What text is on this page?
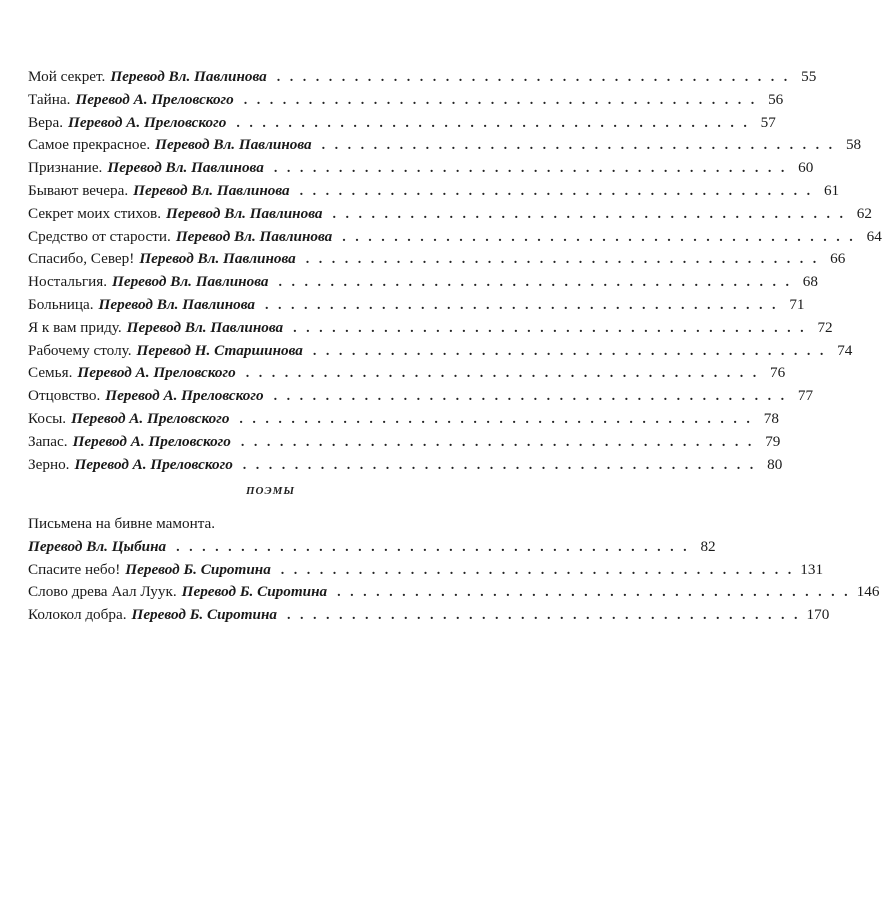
Мой секрет. Перевод Вл. Павлинова . . . . . . . . . . . . . . . . . . . . . . . . . . . . . . . . . . . . . . . . 55
Тайна. Перевод А. Преловского . . . . . . . . . . . . . . . . . . . . . . . . . . . . . . . . . . . . . . . . 56
Вера. Перевод А. Преловского . . . . . . . . . . . . . . . . . . . . . . . . . . . . . . . . . . . . . . . . 57
Самое прекрасное. Перевод Вл. Павлинова . . . . . . . . . . . . . . . . . . . . . . . . . . . . . . . . . . . . . . . . 58
Признание. Перевод Вл. Павлинова . . . . . . . . . . . . . . . . . . . . . . . . . . . . . . . . . . . . . . . . 60
Бывают вечера. Перевод Вл. Павлинова . . . . . . . . . . . . . . . . . . . . . . . . . . . . . . . . . . . . . . . . 61
Секрет моих стихов. Перевод Вл. Павлинова . . . . . . . . . . . . . . . . . . . . . . . . . . . . . . . . . . . . . . . . 62
Средство от старости. Перевод Вл. Павлинова . . . . . . . . . . . . . . . . . . . . . . . . . . . . . . . . . . . . . . . . 64
Спасибо, Север! Перевод Вл. Павлинова . . . . . . . . . . . . . . . . . . . . . . . . . . . . . . . . . . . . . . . . 66
Ностальгия. Перевод Вл. Павлинова . . . . . . . . . . . . . . . . . . . . . . . . . . . . . . . . . . . . . . . . 68
Больница. Перевод Вл. Павлинова . . . . . . . . . . . . . . . . . . . . . . . . . . . . . . . . . . . . . . . . 71
Я к вам приду. Перевод Вл. Павлинова . . . . . . . . . . . . . . . . . . . . . . . . . . . . . . . . . . . . . . . . 72
Рабочему столу. Перевод Н. Старшинова . . . . . . . . . . . . . . . . . . . . . . . . . . . . . . . . . . . . . . . . 74
Семья. Перевод А. Преловского . . . . . . . . . . . . . . . . . . . . . . . . . . . . . . . . . . . . . . . . 76
Отцовство. Перевод А. Преловского . . . . . . . . . . . . . . . . . . . . . . . . . . . . . . . . . . . . . . . . 77
Косы. Перевод А. Преловского . . . . . . . . . . . . . . . . . . . . . . . . . . . . . . . . . . . . . . . . 78
Запас. Перевод А. Преловского . . . . . . . . . . . . . . . . . . . . . . . . . . . . . . . . . . . . . . . . 79
Зерно. Перевод А. Преловского . . . . . . . . . . . . . . . . . . . . . . . . . . . . . . . . . . . . . . . . 80
ПОЭМЫ
Письмена на бивне мамонта.
Перевод Вл. Цыбина . . . . . . . . . . . . . . . . . . . . . . . . . . . . . . . . . . . . . . . . 82
Спасите небо! Перевод Б. Сиротина . . . . . . . . . . . . . . . . . . . . . . . . . . . . . . . . . . . . . . . . 131
Слово древа Аал Луук. Перевод Б. Сиротина . . . . . . . . . . . . . . . . . . . . . . . . . . . . . . . . . . . . . . . . 146
Колокол добра. Перевод Б. Сиротина . . . . . . . . . . . . . . . . . . . . . . . . . . . . . . . . . . . . . . . . 170
